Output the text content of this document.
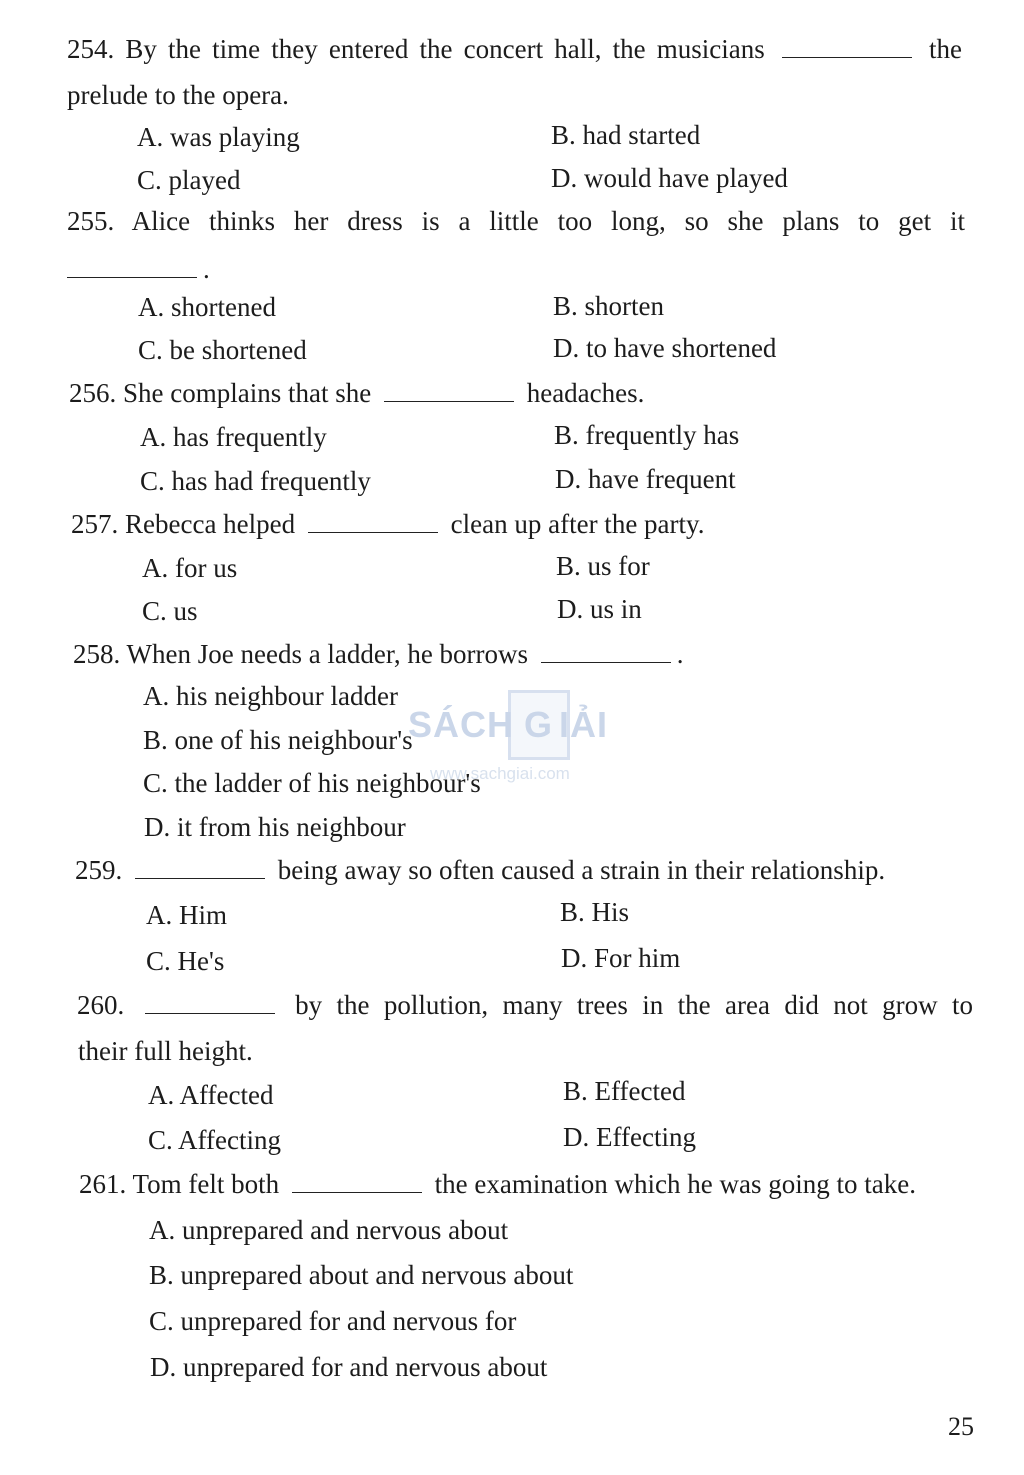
254. By the time they entered the concert hall, the musicians	the
prelude to the opera.
A. was playing	B. had started
C. played	D. would have played
255. Alice thinks her dress is a little too long, so she plans to get it
.
A. shortened	B. shorten
C. be shortened	D. to have shortened
256. She complains that she	headaches.
A. has frequently	B. frequently has
C. has had frequently	D. have frequent
257. Rebecca helped	clean up after the party.
A. for us	B. us for
C. us	D. us in
258. When Joe needs a ladder, he borrows	.
A. his neighbour ladder
B. one of his neighbour's
C. the ladder of his neighbour's
D. it from his neighbour
SÁCH G IẢI
www.sachgiai.com
259.	being away so often caused a strain in their relationship.
A. Him	B. His
C. He's	D. For him
260.	by the pollution, many trees in the area did not grow to
their full height.
A. Affected	B. Effected
C. Affecting	D. Effecting
261. Tom felt both	the examination which he was going to take.
A. unprepared and nervous about
B. unprepared about and nervous about
C. unprepared for and nervous for
D. unprepared for and nervous about
25
